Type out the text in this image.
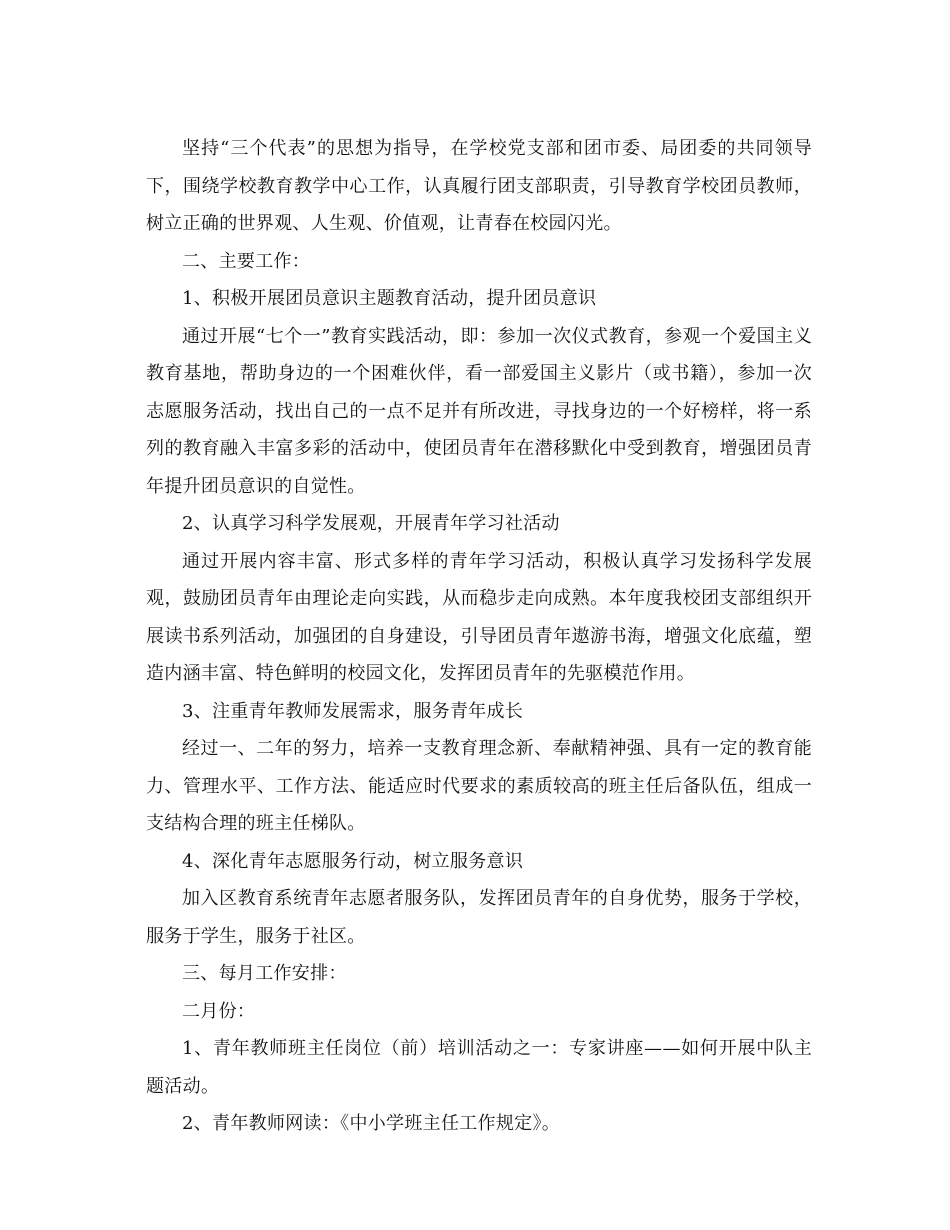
坚持“三个代表”的思想为指导，在学校党支部和团市委、局团委的共同领导下，围绕学校教育教学中心工作，认真履行团支部职责，引导教育学校团员教师，树立正确的世界观、人生观、价值观，让青春在校园闪光。

二、主要工作：

1、积极开展团员意识主题教育活动，提升团员意识

通过开展“七个一”教育实践活动，即：参加一次仪式教育，参观一个爱国主义教育基地，帮助身边的一个困难伙伴，看一部爱国主义影片（或书籍），参加一次志愿服务活动，找出自己的一点不足并有所改进，寻找身边的一个好榜样，将一系列的教育融入丰富多彩的活动中，使团员青年在潜移默化中受到教育，增强团员青年提升团员意识的自觉性。

2、认真学习科学发展观，开展青年学习社活动

通过开展内容丰富、形式多样的青年学习活动，积极认真学习发扬科学发展观，鼓励团员青年由理论走向实践，从而稳步走向成熟。本年度我校团支部组织开展读书系列活动，加强团的自身建设，引导团员青年遨游书海，增强文化底蕴，塑造内涵丰富、特色鲜明的校园文化，发挥团员青年的先驱模范作用。

3、注重青年教师发展需求，服务青年成长

经过一、二年的努力，培养一支教育理念新、奉献精神强、具有一定的教育能力、管理水平、工作方法、能适应时代要求的素质较高的班主任后备队伍，组成一支结构合理的班主任梯队。

4、深化青年志愿服务行动，树立服务意识

加入区教育系统青年志愿者服务队，发挥团员青年的自身优势，服务于学校，服务于学生，服务于社区。

三、每月工作安排：

二月份：

1、青年教师班主任岗位（前）培训活动之一：专家讲座——如何开展中队主题活动。

2、青年教师网读：《中小学班主任工作规定》。
